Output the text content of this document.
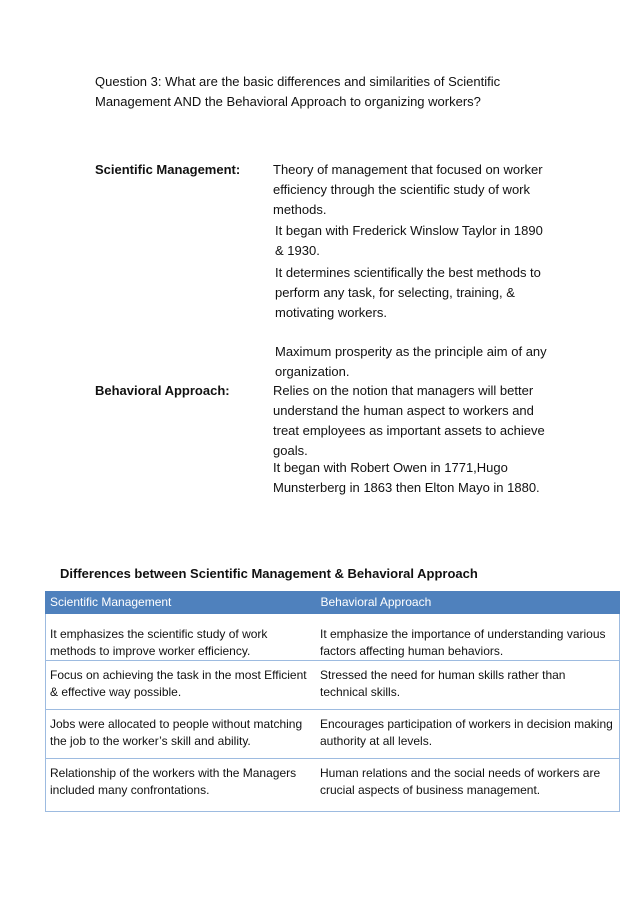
Question 3: What are the basic differences and similarities of Scientific Management AND the Behavioral Approach to organizing workers?
Scientific Management:	Theory of management that focused on worker efficiency through the scientific study of work methods.
It began with Frederick Winslow Taylor in 1890 & 1930.
It determines scientifically the best methods to perform any task, for selecting, training, & motivating workers.
Maximum prosperity as the principle aim of any organization.
Behavioral Approach:	Relies on the notion that managers will better understand the human aspect to workers and treat employees as important assets to achieve goals.
It began with Robert Owen in 1771,Hugo Munsterberg in 1863 then Elton Mayo in 1880.
Differences between Scientific Management & Behavioral Approach
Scientific Management	Behavioral Approach
It emphasizes the scientific study of work methods to improve worker efficiency.	It emphasize the importance of understanding various factors affecting human behaviors.
Focus on achieving the task in the most Efficient & effective way possible.	Stressed the need for human skills rather than technical skills.
Jobs were allocated to people without matching the job to the worker’s skill and ability.	Encourages participation of workers in decision making authority at all levels.
Relationship of the workers with the Managers included many confrontations.	Human relations and the social needs of workers are crucial aspects of business management.
